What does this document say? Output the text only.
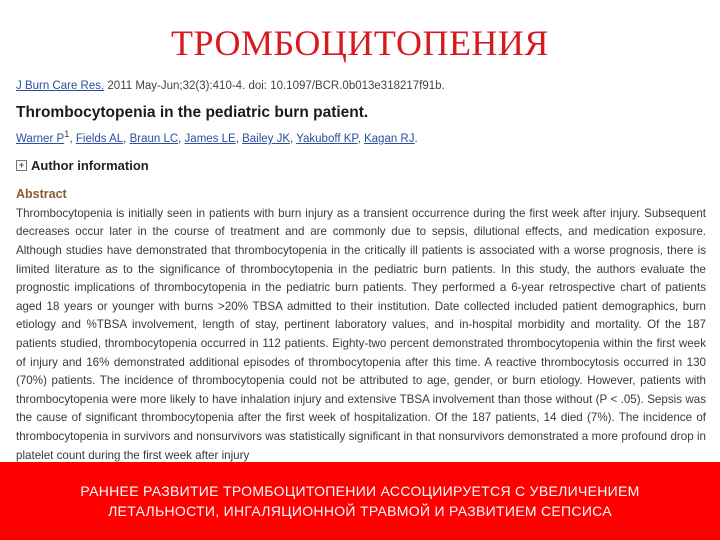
ТРОМБОЦИТОПЕНИЯ
J Burn Care Res. 2011 May-Jun;32(3):410-4. doi: 10.1097/BCR.0b013e318217f91b.
Thrombocytopenia in the pediatric burn patient.
Warner $P^1$, Fields AL, Braun LC, James LE, Bailey JK, Yakuboff KP, Kagan RJ.
+ Author information
Abstract
Thrombocytopenia is initially seen in patients with burn injury as a transient occurrence during the first week after injury. Subsequent decreases occur later in the course of treatment and are commonly due to sepsis, dilutional effects, and medication exposure. Although studies have demonstrated that thrombocytopenia in the critically ill patients is associated with a worse prognosis, there is limited literature as to the significance of thrombocytopenia in the pediatric burn patients. In this study, the authors evaluate the prognostic implications of thrombocytopenia in the pediatric burn patients. They performed a 6-year retrospective chart of patients aged 18 years or younger with burns >20% TBSA admitted to their institution. Date collected included patient demographics, burn etiology and %TBSA involvement, length of stay, pertinent laboratory values, and in-hospital morbidity and mortality. Of the 187 patients studied, thrombocytopenia occurred in 112 patients. Eighty-two percent demonstrated thrombocytopenia within the first week of injury and 16% demonstrated additional episodes of thrombocytopenia after this time. A reactive thrombocytosis occurred in 130 (70%) patients. The incidence of thrombocytopenia could not be attributed to age, gender, or burn etiology. However, patients with thrombocytopenia were more likely to have inhalation injury and extensive TBSA involvement than those without (P < .05). Sepsis was the cause of significant thrombocytopenia after the first week of hospitalization. Of the 187 patients, 14 died (7%). The incidence of thrombocytopenia in survivors and nonsurvivors was statistically significant in that nonsurvivors demonstrated a more profound drop in platelet count during the first week after injury
РАННЕЕ РАЗВИТИЕ ТРОМБОЦИТОПЕНИИ АССОЦИИРУЕТСЯ С УВЕЛИЧЕНИЕМ ЛЕТАЛЬНОСТИ, ИНГАЛЯЦИОННОЙ ТРАВМОЙ И РАЗВИТИЕМ СЕПСИСА
